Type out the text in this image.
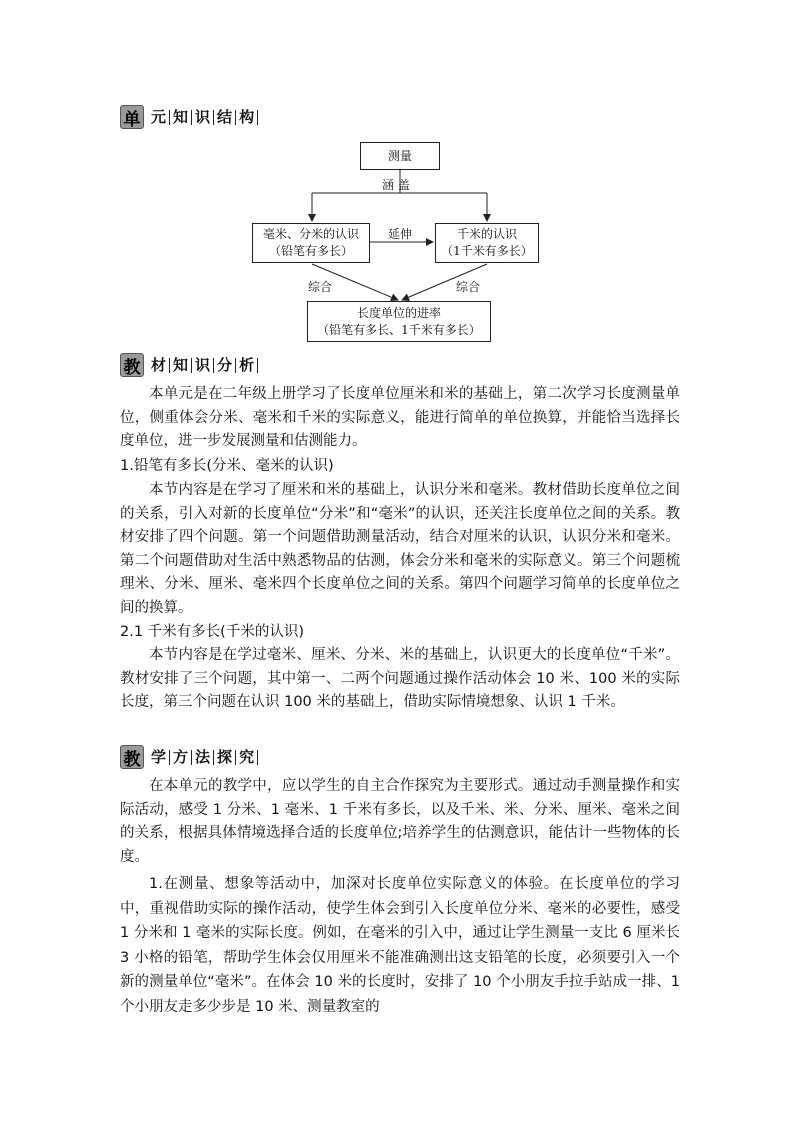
单 元 知 识 结 构
测量
涵 盖
毫米、分米的认识
（铅笔有多长）
延伸	千米的认识
（1千米有多长）
综合	综合
长度单位的进率
（铅笔有多长、1千米有多长）
教 材 知 识 分 析
本单元是在二年级上册学习了长度单位厘米和米的基础上，第二次学习长度测量单位，侧重体会分米、毫米和千米的实际意义，能进行简单的单位换算，并能恰当选择长度单位，进一步发展测量和估测能力。
1.铅笔有多长(分米、毫米的认识)
本节内容是在学习了厘米和米的基础上，认识分米和毫米。教材借助长度单位之间的关系，引入对新的长度单位“分米”和“毫米”的认识，还关注长度单位之间的关系。教材安排了四个问题。第一个问题借助测量活动，结合对厘米的认识，认识分米和毫米。第二个问题借助对生活中熟悉物品的估测，体会分米和毫米的实际意义。第三个问题梳理米、分米、厘米、毫米四个长度单位之间的关系。第四个问题学习简单的长度单位之间的换算。
2.1 千米有多长(千米的认识)
本节内容是在学过毫米、厘米、分米、米的基础上，认识更大的长度单位“千米”。教材安排了三个问题，其中第一、二两个问题通过操作活动体会 10 米、100 米的实际长度，第三个问题在认识 100 米的基础上，借助实际情境想象、认识 1 千米。
教 学 方 法 探 究
在本单元的教学中，应以学生的自主合作探究为主要形式。通过动手测量操作和实际活动，感受 1 分米、1 毫米、1 千米有多长，以及千米、米、分米、厘米、毫米之间的关系，根据具体情境选择合适的长度单位;培养学生的估测意识，能估计一些物体的长度。
1.在测量、想象等活动中，加深对长度单位实际意义的体验。在长度单位的学习中，重视借助实际的操作活动，使学生体会到引入长度单位分米、毫米的必要性，感受 1 分米和 1 毫米的实际长度。例如，在毫米的引入中，通过让学生测量一支比 6 厘米长 3 小格的铅笔，帮助学生体会仅用厘米不能准确测出这支铅笔的长度，必须要引入一个新的测量单位“毫米”。在体会 10 米的长度时，安排了 10 个小朋友手拉手站成一排、1 个小朋友走多少步是 10 米、测量教室的
